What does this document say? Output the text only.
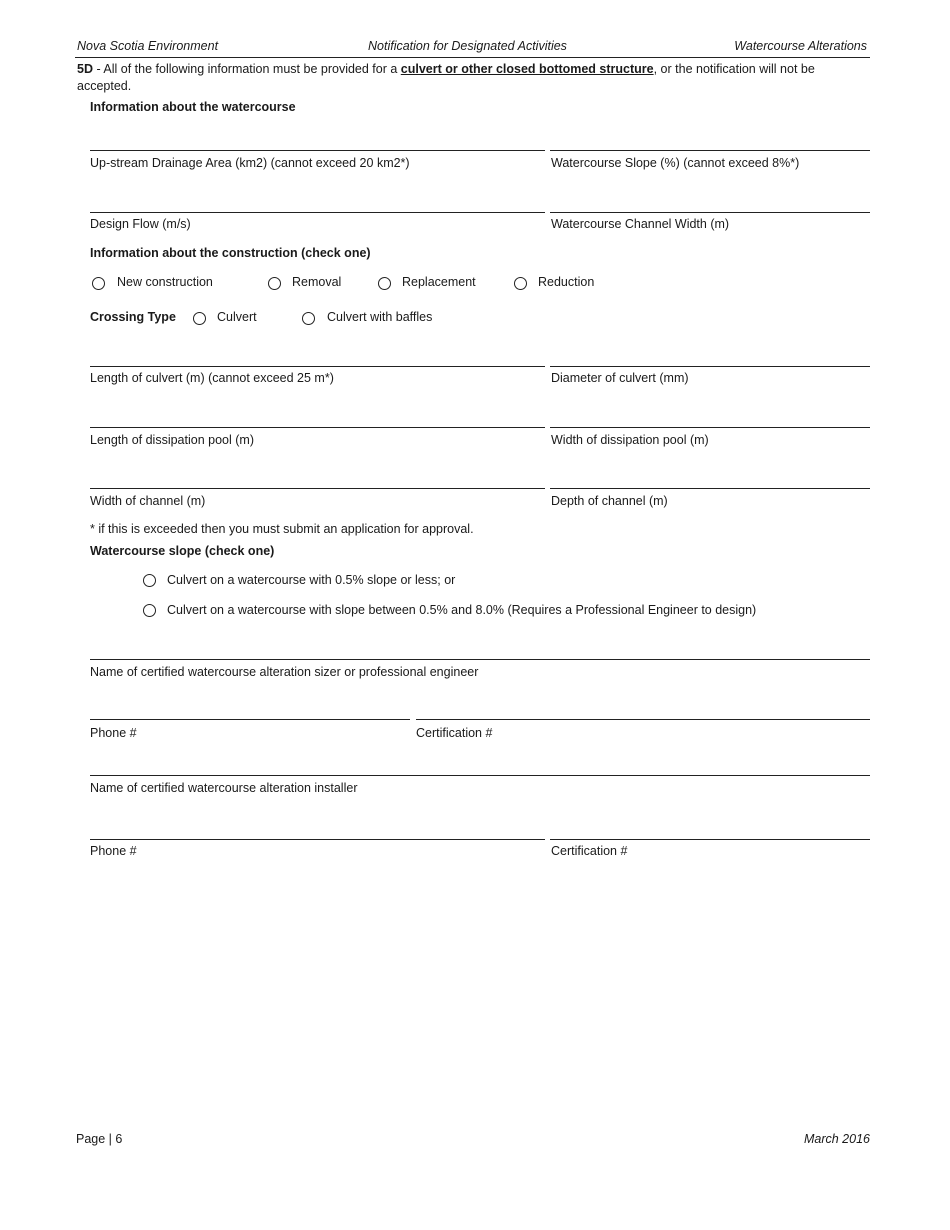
Nova Scotia Environment	Notification for Designated Activities	Watercourse Alterations
5D - All of the following information must be provided for a culvert or other closed bottomed structure, or the notification will not be accepted.
Information about the watercourse
Up-stream Drainage Area (km2) (cannot exceed 20 km2*)	Watercourse Slope (%) (cannot exceed 8%*)
Design Flow (m/s)	Watercourse Channel Width (m)
Information about the construction (check one)
New construction	Removal	Replacement	Reduction
Crossing Type	Culvert	Culvert with baffles
Length of culvert (m) (cannot exceed 25 m*)	Diameter of culvert (mm)
Length of dissipation pool (m)	Width of dissipation pool (m)
Width of channel (m)	Depth of channel (m)
* if this is exceeded then you must submit an application for approval.
Watercourse slope (check one)
Culvert on a watercourse with 0.5% slope or less; or
Culvert on a watercourse with slope between 0.5% and 8.0% (Requires a Professional Engineer to design)
Name of certified watercourse alteration sizer or professional engineer
Phone #	Certification #
Name of certified watercourse alteration installer
Phone #	Certification #
Page | 6	March 2016
